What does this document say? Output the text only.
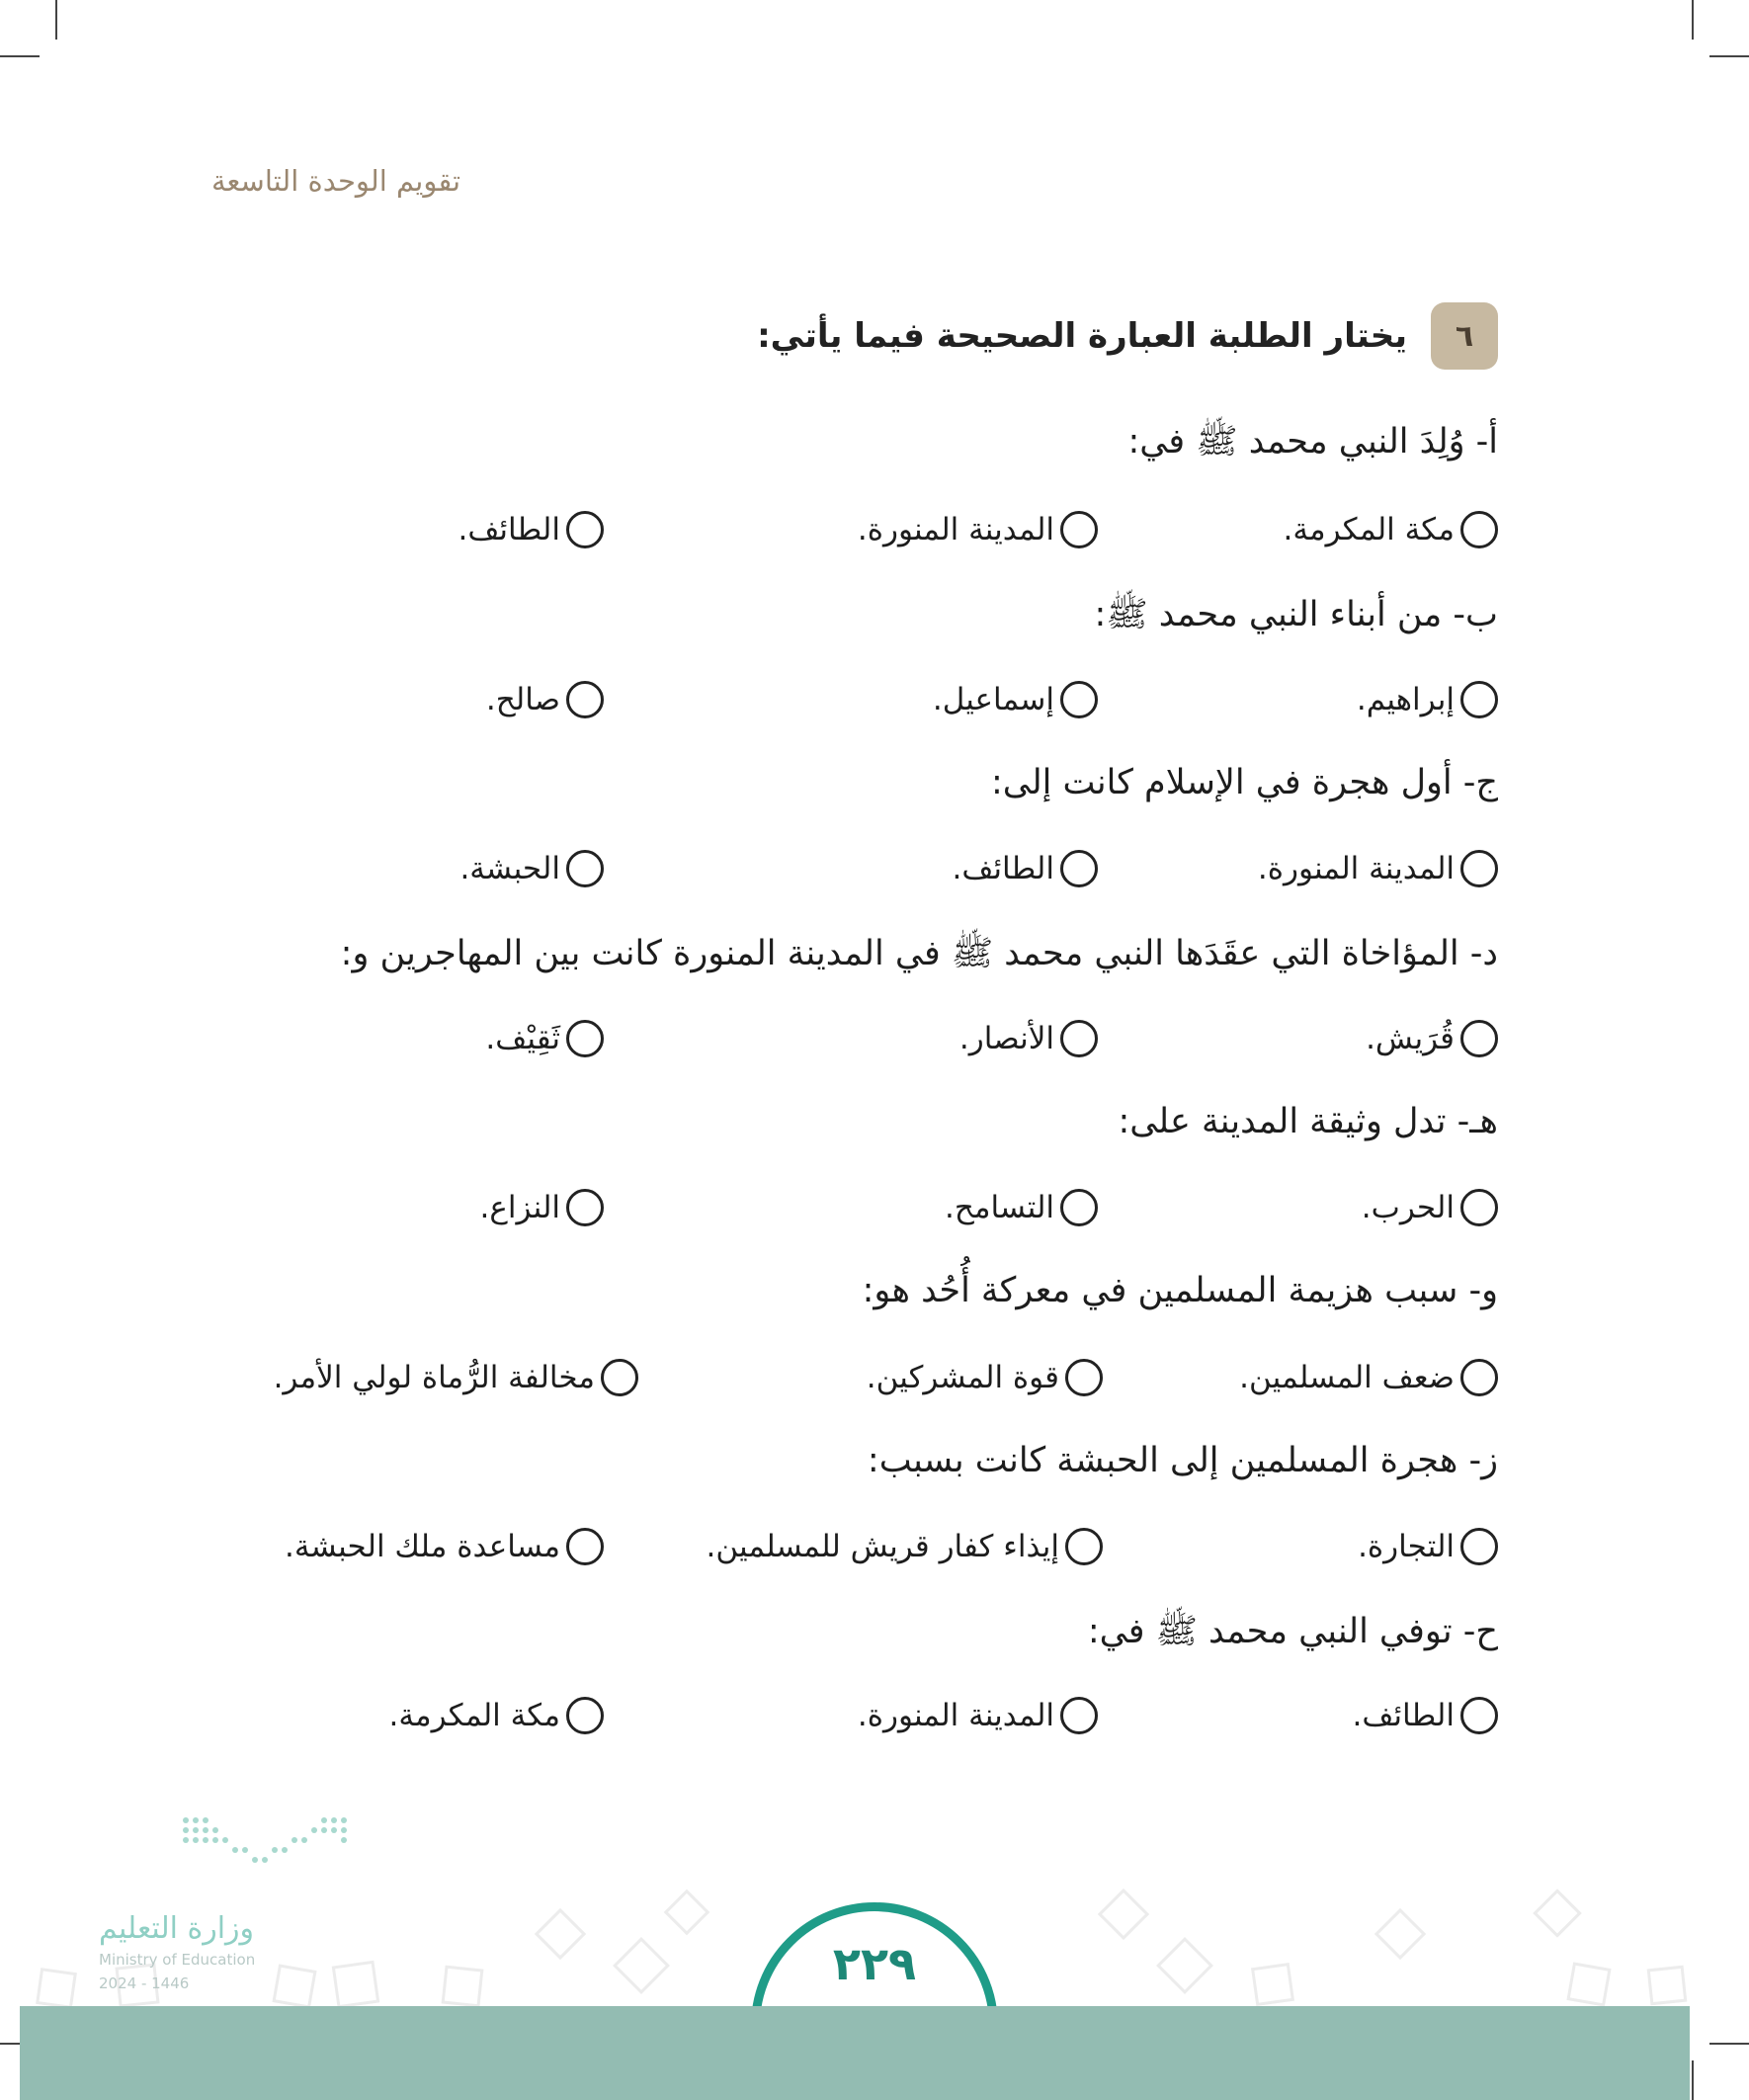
تقويم الوحدة التاسعة
٦
يختار الطلبة العبارة الصحيحة فيما يأتي:
أ- وُلِدَ النبي محمد ﷺ في:
مكة المكرمة.
المدينة المنورة.
الطائف.
ب- من أبناء النبي محمد ﷺ:
إبراهيم.
إسماعيل.
صالح.
ج- أول هجرة في الإسلام كانت إلى:
المدينة المنورة.
الطائف.
الحبشة.
د- المؤاخاة التي عقَدَها النبي محمد ﷺ في المدينة المنورة كانت بين المهاجرين و:
قُرَيش.
الأنصار.
ثَقِيْف.
هـ- تدل وثيقة المدينة على:
الحرب.
التسامح.
النزاع.
و- سبب هزيمة المسلمين في معركة أُحُد هو:
ضعف المسلمين.
قوة المشركين.
مخالفة الرُّماة لولي الأمر.
ز- هجرة المسلمين إلى الحبشة كانت بسبب:
التجارة.
إيذاء كفار قريش للمسلمين.
مساعدة ملك الحبشة.
ح- توفي النبي محمد ﷺ في:
الطائف.
المدينة المنورة.
مكة المكرمة.
٢٢٩
وزارة التعليم
Ministry of Education
2024 - 1446
